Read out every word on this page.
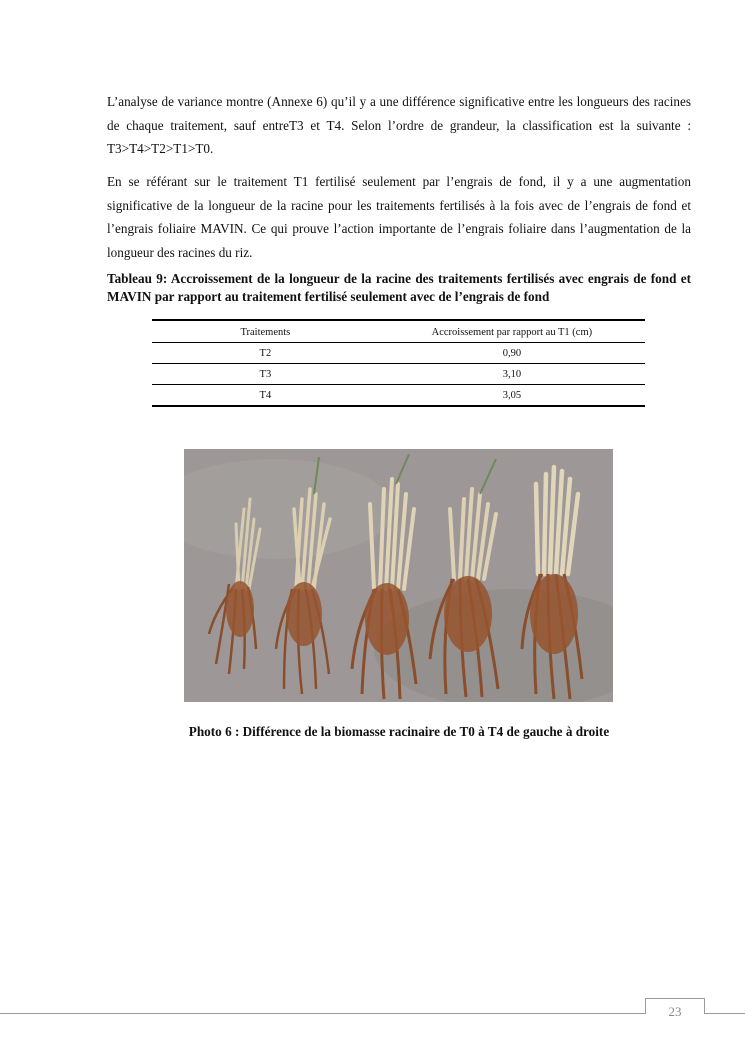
L’analyse de variance montre (Annexe 6) qu’il y a une différence significative entre les longueurs des racines de chaque traitement, sauf entreT3 et T4. Selon l’ordre de grandeur, la classification est la suivante : T3>T4>T2>T1>T0.

En se référant sur le traitement T1 fertilisé seulement par l’engrais de fond, il y a une augmentation significative de la longueur de la racine pour les traitements fertilisés à la fois avec de l’engrais de fond et l’engrais foliaire MAVIN. Ce qui prouve l’action importante de l’engrais foliaire dans l’augmentation de la longueur des racines du riz.

Tableau 9: Accroissement de la longueur de la racine des traitements fertilisés avec engrais de fond et MAVIN par rapport au traitement fertilisé seulement avec de l’engrais de fond

Traitements	Accroissement par rapport au T1 (cm)
T2	0,90
T3	3,10
T4	3,05
Photo 6 : Différence de la biomasse racinaire de T0 à T4 de gauche à droite
23
